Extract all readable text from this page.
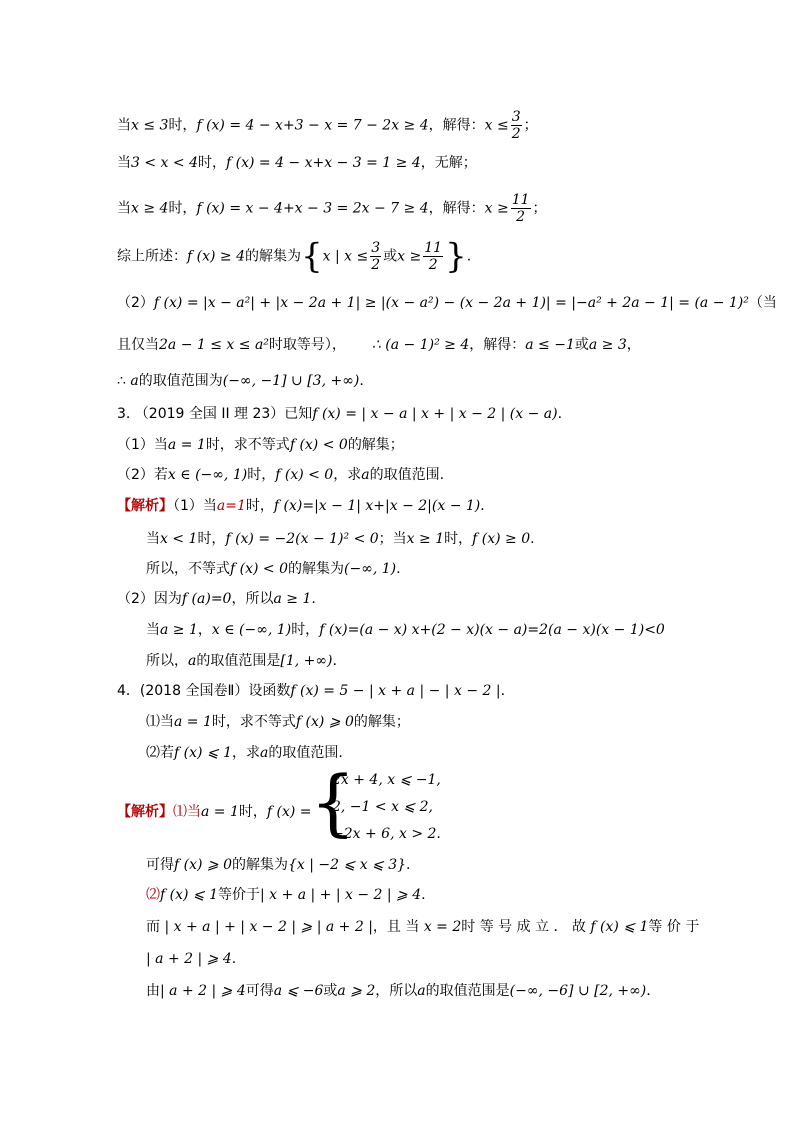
当x ≤ 3时，f (x) = 4 − x+3 − x = 7 − 2x ≥ 4，解得：$x \le \frac{3}{2}$ ；
当3 < x < 4时，f (x) = 4 − x+x − 3 = 1 ≥ 4，无解；
当x ≥ 4时，f (x) = x − 4+x − 3 = 2x − 7 ≥ 4，解得：$x \ge \frac{11}{2}$ ；
综上所述：f (x) ≥ 4的解集为{x | $x \le \frac{3}{2}$ 或$x \ge \frac{11}{2}$ }.
（2）f (x) = |x − a²| + |x − 2a + 1| ≥ |(x − a²) − (x − 2a + 1)| = |−a² + 2a − 1| = (a − 1)²（当
且仅当2a − 1 ≤ x ≤ a²时取等号）， ∴ (a − 1)² ≥ 4，解得：a ≤ −1或a ≥ 3，
∴ a的取值范围为(−∞, −1] ∪ [3, +∞).
3. （2019 全国 II 理 23）已知f (x) = | x − a | x + | x − 2 | (x − a).
（1）当a = 1时，求不等式f (x) < 0的解集；
（2）若x ∈ (−∞, 1)时，f (x) < 0，求a的取值范围.
【解析】（1）当a=1时，f (x)=|x − 1| x+|x − 2|(x − 1).
当x < 1时，f (x) = −2(x − 1)² < 0；当x ≥ 1时，f (x) ≥ 0.
所以，不等式f (x) < 0的解集为(−∞, 1).
（2）因为f (a)=0，所以a ≥ 1.
当a ≥ 1，x ∈ (−∞, 1)时，f (x)=(a − x) x+(2 − x)(x − a)=2(a − x)(x − 1)<0
所以，a的取值范围是[1, +∞).
4．(2018 全国卷Ⅱ）设函数f (x) = 5 − | x + a | − | x − 2 |.
⑴当a = 1时，求不等式f (x) ⩾ 0的解集；
⑵若f (x) ⩽ 1，求a的取值范围.
【解析】⑴当a = 1时，f (x) =
{
2x + 4, x ⩽ −1,
2, −1 < x ⩽ 2,
−2x + 6, x > 2.
可得f (x) ⩾ 0的解集为{x | −2 ⩽ x ⩽ 3}.
⑵f (x) ⩽ 1等价于| x + a | + | x − 2 | ⩾ 4.
而 | x + a | + | x − 2 | ⩾ | a + 2 |，且 当 x = 2时 等 号 成 立 ． 故 f (x) ⩽ 1等 价 于
| a + 2 | ⩾ 4.
由| a + 2 | ⩾ 4可得a ⩽ −6或a ⩾ 2，所以a的取值范围是(−∞, −6] ∪ [2, +∞).
